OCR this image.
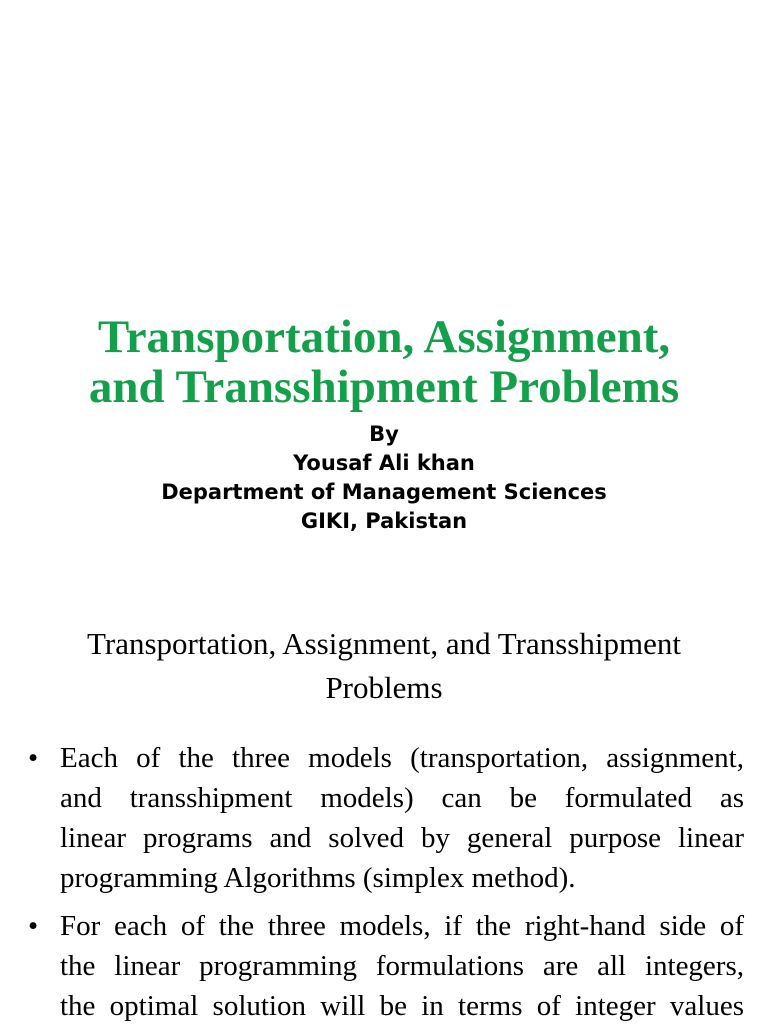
Transportation, Assignment,
and Transshipment Problems
By
Yousaf Ali khan
Department of Management Sciences
GIKI, Pakistan
Transportation, Assignment, and Transshipment
Problems
• Each of the three models (transportation, assignment,
and transshipment models) can be formulated as
linear programs and solved by general purpose linear
programming Algorithms (simplex method).
• For each of the three models, if the right-hand side of
the linear programming formulations are all integers,
the optimal solution will be in terms of integer values
